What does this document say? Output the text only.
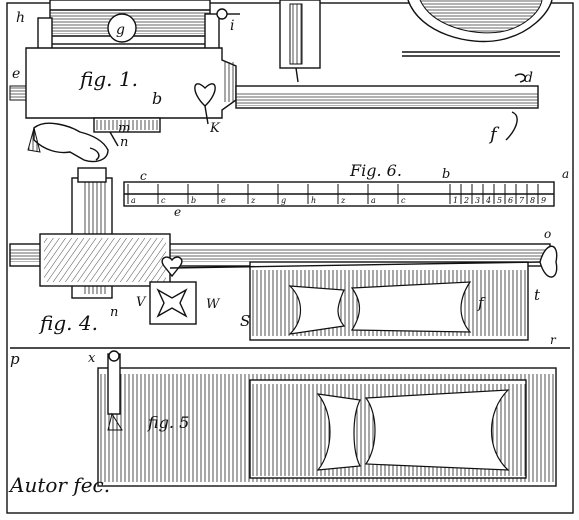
a	c	b	e	z	g	h	z	a	c	1 2 3 4 5 6 7 8 9
h	i
e
g
fig. 1.
b
K
m
n	f
d
Fig. 6.
c
e
b	a
fig. 4. n
V	W
S
f	t
r
p	x
o
fig. 5
Autor fec.
